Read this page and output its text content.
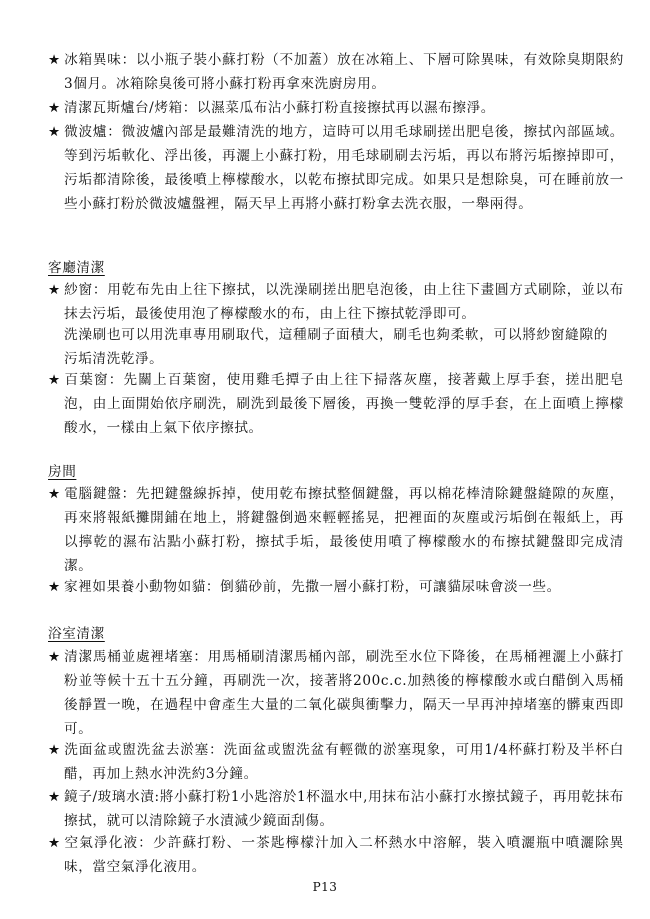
★ 冰箱異味：以小瓶子裝小蘇打粉（不加蓋）放在冰箱上、下層可除異味，有效除臭期限約3個月。冰箱除臭後可將小蘇打粉再拿來洗廚房用。
★ 清潔瓦斯爐台/烤箱：以濕菜瓜布沾小蘇打粉直接擦拭再以濕布擦淨。
★ 微波爐：微波爐內部是最難清洗的地方，這時可以用毛球刷搓出肥皂後，擦拭內部區域。等到污垢軟化、浮出後，再灑上小蘇打粉，用毛球刷刷去污垢，再以布將污垢擦掉即可，污垢都清除後，最後噴上檸檬酸水，以乾布擦拭即完成。如果只是想除臭，可在睡前放一些小蘇打粉於微波爐盤裡，隔天早上再將小蘇打粉拿去洗衣服，一舉兩得。
客廳清潔
★ 紗窗：用乾布先由上往下擦拭，以洗澡刷搓出肥皂泡後，由上往下畫圓方式刷除，並以布抹去污垢，最後使用泡了檸檬酸水的布，由上往下擦拭乾淨即可。
洗澡刷也可以用洗車專用刷取代，這種刷子面積大，刷毛也夠柔軟，可以將紗窗縫隙的污垢清洗乾淨。
★ 百葉窗：先關上百葉窗，使用雞毛撢子由上往下掃落灰塵，接著戴上厚手套，搓出肥皂泡，由上面開始依序刷洗，刷洗到最後下層後，再換一雙乾淨的厚手套，在上面噴上擰檬酸水，一樣由上氣下依序擦拭。
房間
★ 電腦鍵盤：先把鍵盤線拆掉，使用乾布擦拭整個鍵盤，再以棉花棒清除鍵盤縫隙的灰塵，再來將報紙攤開鋪在地上，將鍵盤倒過來輕輕搖晃，把裡面的灰塵或污垢倒在報紙上，再以擰乾的濕布沾點小蘇打粉，擦拭手垢，最後使用噴了檸檬酸水的布擦拭鍵盤即完成清潔。
★ 家裡如果養小動物如貓：倒貓砂前，先撒一層小蘇打粉，可讓貓尿味會淡一些。
浴室清潔
★ 清潔馬桶並處裡堵塞：用馬桶刷清潔馬桶內部，刷洗至水位下降後，在馬桶裡灑上小蘇打粉並等候十五十五分鐘，再刷洗一次，接著將200c.c.加熱後的檸檬酸水或白醋倒入馬桶後靜置一晚，在過程中會產生大量的二氧化碳與衝擊力，隔天一早再沖掉堵塞的髒東西即可。
★ 洗面盆或盥洗盆去淤塞：洗面盆或盥洗盆有輕微的淤塞現象，可用1/4杯蘇打粉及半杯白醋，再加上熱水沖洗約3分鐘。
★ 鏡子/玻璃水漬:將小蘇打粉1小匙溶於1杯溫水中,用抹布沾小蘇打水擦拭鏡子，再用乾抹布擦拭，就可以清除鏡子水漬減少鏡面刮傷。
★ 空氣淨化液：少許蘇打粉、一茶匙檸檬汁加入二杯熱水中溶解，裝入噴灑瓶中噴灑除異味，當空氣淨化液用。
P13
